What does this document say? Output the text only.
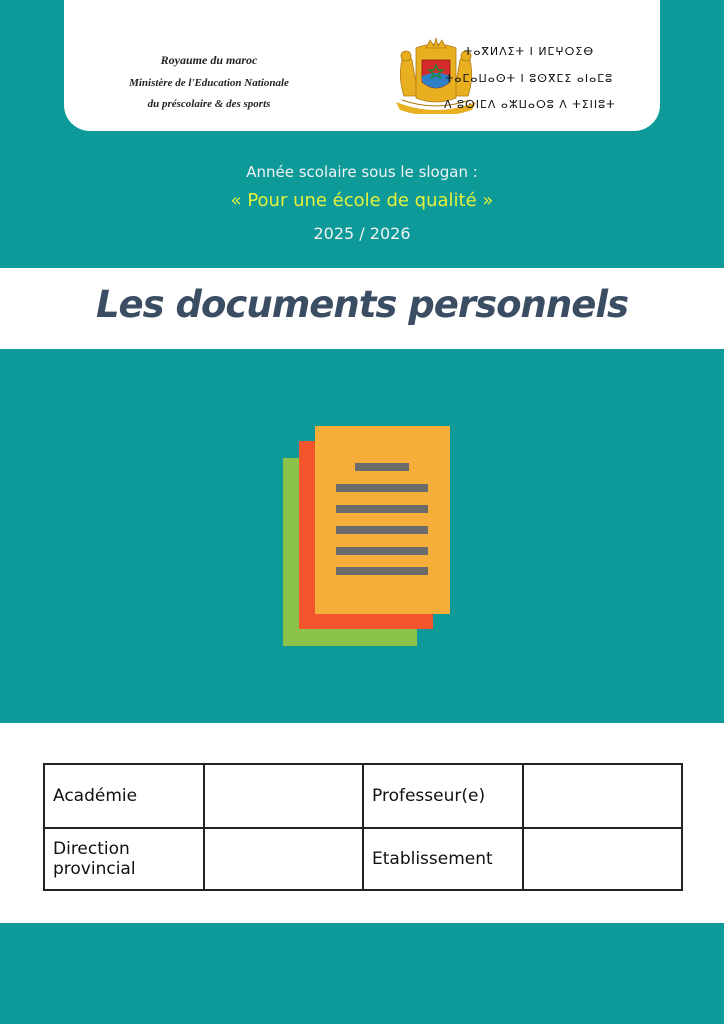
Royaume du maroc
Ministère de l'Education Nationale
du préscolaire & des sports
ⵜⴰⴳⵍⴷⵉⵜ ⵏ ⵍⵎⵖⵔⵉⴱ
ⵜⴰⵎⴰⵡⴰⵙⵜ ⵏ ⵓⵙⴳⵎⵉ ⴰⵏⴰⵎⵓ
ⴷ ⵓⵙⵏⵎⴷ ⴰⵣⵡⴰⵔⵓ ⴷ ⵜⵉⵏⵏⵓⵜ
Année scolaire sous le slogan :
« Pour une école de qualité »
2025 / 2026
Les documents personnels
Académie		Professeur(e)	
Direction provincial		Etablissement	
